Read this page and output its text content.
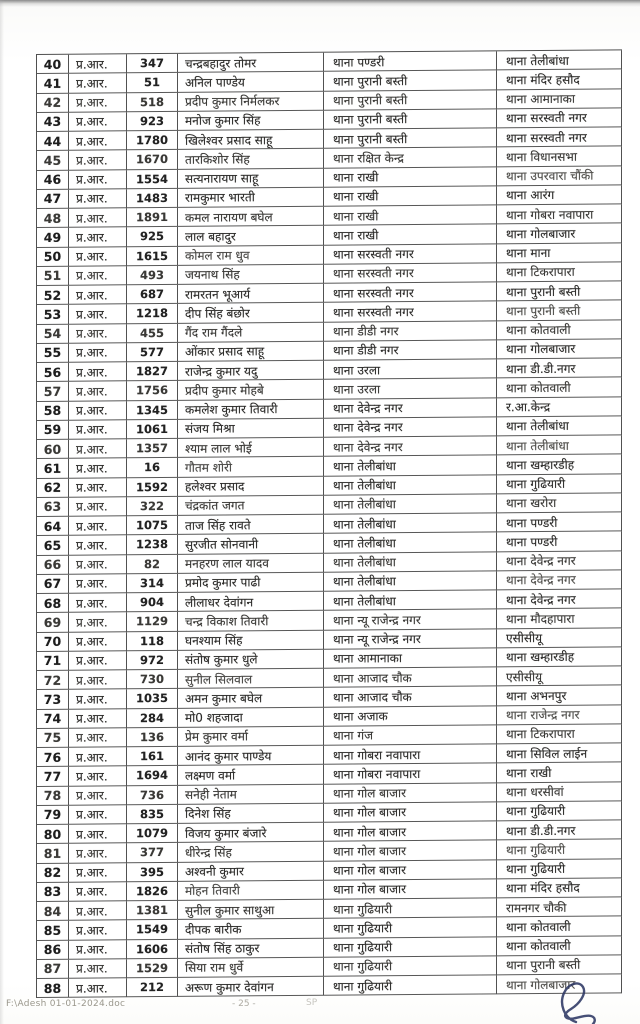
40	प्र.आर.	347	चन्द्रबहादुर तोमर	थाना पण्डरी	थाना तेलीबांधा
41	प्र.आर.	51	अनिल पाण्डेय	थाना पुरानी बस्ती	थाना मंदिर हसौद
42	प्र.आर.	518	प्रदीप कुमार निर्मलकर	थाना पुरानी बस्ती	थाना आमानाका
43	प्र.आर.	923	मनोज कुमार सिंह	थाना पुरानी बस्ती	थाना सरस्वती नगर
44	प्र.आर.	1780	खिलेश्वर प्रसाद साहू	थाना पुरानी बस्ती	थाना सरस्वती नगर
45	प्र.आर.	1670	तारकिशोर सिंह	थाना रक्षित केन्द्र	थाना विधानसभा
46	प्र.आर.	1554	सत्यनारायण साहू	थाना राखी	थाना उपरवारा चौंकी
47	प्र.आर.	1483	रामकुमार भारती	थाना राखी	थाना आरंग
48	प्र.आर.	1891	कमल नारायण बघेल	थाना राखी	थाना गोबरा नवापारा
49	प्र.आर.	925	लाल बहादुर	थाना राखी	थाना गोलबाजार
50	प्र.आर.	1615	कोमल राम धुव	थाना सरस्वती नगर	थाना माना
51	प्र.आर.	493	जयनाथ सिंह	थाना सरस्वती नगर	थाना टिकरापारा
52	प्र.आर.	687	रामरतन भूआर्य	थाना सरस्वती नगर	थाना पुरानी बस्ती
53	प्र.आर.	1218	दीप सिंह बंछोर	थाना सरस्वती नगर	थाना पुरानी बस्ती
54	प्र.आर.	455	गैंद राम गैंदले	थाना डीडी नगर	थाना कोतवाली
55	प्र.आर.	577	ओंकार प्रसाद साहू	थाना डीडी नगर	थाना गोलबाजार
56	प्र.आर.	1827	राजेन्द्र कुमार यदु	थाना उरला	थाना डी.डी.नगर
57	प्र.आर.	1756	प्रदीप कुमार मोहबे	थाना उरला	थाना कोतवाली
58	प्र.आर.	1345	कमलेश कुमार तिवारी	थाना देवेन्द्र नगर	र.आ.केन्द्र
59	प्र.आर.	1061	संजय मिश्रा	थाना देवेन्द्र नगर	थाना तेलीबांधा
60	प्र.आर.	1357	श्याम लाल भोई	थाना देवेन्द्र नगर	थाना तेलीबांधा
61	प्र.आर.	16	गौतम शोरी	थाना तेलीबांधा	थाना खम्हारडीह
62	प्र.आर.	1592	हलेश्वर प्रसाद	थाना तेलीबांधा	थाना गुढियारी
63	प्र.आर.	322	चंद्रकांत जगत	थाना तेलीबांधा	थाना खरोरा
64	प्र.आर.	1075	ताज सिंह रावते	थाना तेलीबांधा	थाना पण्डरी
65	प्र.आर.	1238	सुरजीत सोनवानी	थाना तेलीबांधा	थाना पण्डरी
66	प्र.आर.	82	मनहरण लाल यादव	थाना तेलीबांधा	थाना देवेन्द्र नगर
67	प्र.आर.	314	प्रमोद कुमार पाढी	थाना तेलीबांधा	थाना देवेन्द्र नगर
68	प्र.आर.	904	लीलाधर देवांगन	थाना तेलीबांधा	थाना देवेन्द्र नगर
69	प्र.आर.	1129	चन्द्र विकाश तिवारी	थाना न्यू राजेन्द्र नगर	थाना मौदहापारा
70	प्र.आर.	118	घनश्याम सिंह	थाना न्यू राजेन्द्र नगर	एसीसीयू
71	प्र.आर.	972	संतोष कुमार धुले	थाना आमानाका	थाना खम्हारडीह
72	प्र.आर.	730	सुनील सिलवाल	थाना आजाद चौक	एसीसीयू
73	प्र.आर.	1035	अमन कुमार बघेल	थाना आजाद चौक	थाना अभनपुर
74	प्र.आर.	284	मो0 शहजादा	थाना अजाक	थाना राजेन्द्र नगर
75	प्र.आर.	136	प्रेम कुमार वर्मा	थाना गंज	थाना टिकरापारा
76	प्र.आर.	161	आनंद कुमार पाण्डेय	थाना गोबरा नवापारा	थाना सिविल लाईन
77	प्र.आर.	1694	लक्ष्मण वर्मा	थाना गोबरा नवापारा	थाना राखी
78	प्र.आर.	736	सनेही नेताम	थाना गोल बाजार	थाना धरसीवां
79	प्र.आर.	835	दिनेश सिंह	थाना गोल बाजार	थाना गुढियारी
80	प्र.आर.	1079	विजय कुमार बंजारे	थाना गोल बाजार	थाना डी.डी.नगर
81	प्र.आर.	377	धीरेन्द्र सिंह	थाना गोल बाजार	थाना गुढियारी
82	प्र.आर.	395	अश्वनी कुमार	थाना गोल बाजार	थाना गुढियारी
83	प्र.आर.	1826	मोहन तिवारी	थाना गोल बाजार	थाना मंदिर हसौद
84	प्र.आर.	1381	सुनील कुमार साथुआ	थाना गुढियारी	रामनगर चौकी
85	प्र.आर.	1549	दीपक बारीक	थाना गुढियारी	थाना कोतवाली
86	प्र.आर.	1606	संतोष सिंह ठाकुर	थाना गुढियारी	थाना कोतवाली
87	प्र.आर.	1529	सिया राम धुर्वे	थाना गुढियारी	थाना पुरानी बस्ती
88	प्र.आर.	212	अरूण कुमार देवांगन	थाना गुढियारी	थाना गोलबाजार
F:\Adesh 01-01-2024.doc	- 25 -	SP
